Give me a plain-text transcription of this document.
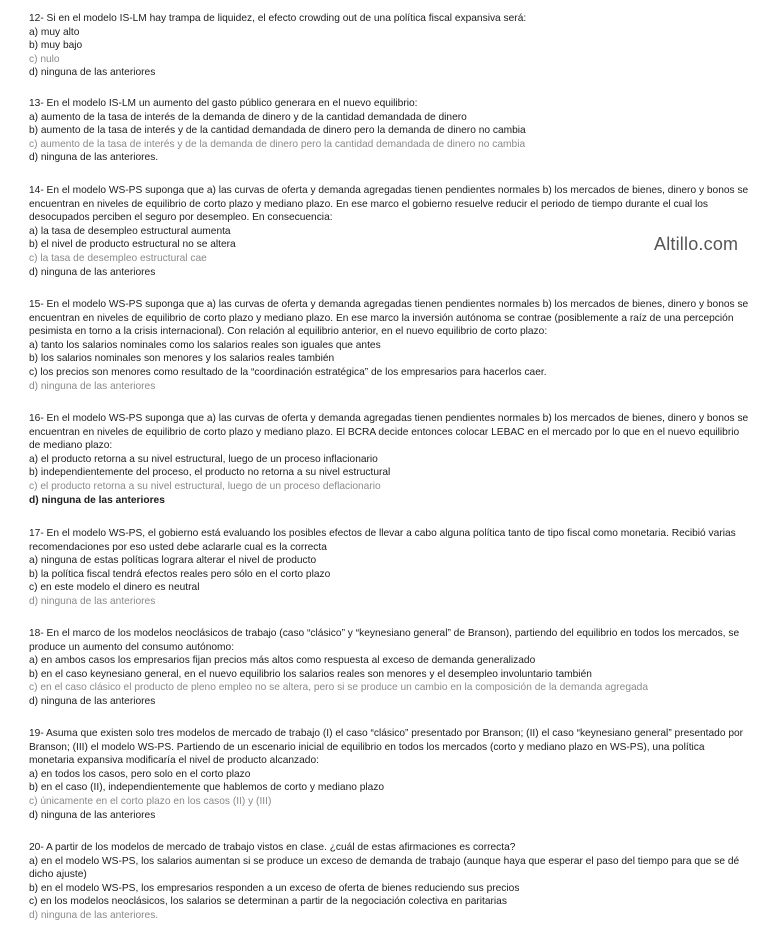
Altillo.com

12- Si en el modelo IS-LM hay trampa de liquidez, el efecto crowding out de una política fiscal expansiva será:

a) muy alto

b) muy bajo

c) nulo

d) ninguna de las anteriores

13- En el modelo IS-LM un aumento del gasto público generara en el nuevo equilibrio:

a) aumento de la tasa de interés de la demanda de dinero y de la cantidad demandada de dinero

b) aumento de la tasa de interés y de la cantidad demandada de dinero pero la demanda de dinero no cambia

c) aumento de la tasa de interés y de la demanda de dinero pero la cantidad demandada de dinero no cambia

d) ninguna de las anteriores.

14- En el modelo WS-PS suponga que a) las curvas de oferta y demanda agregadas tienen pendientes normales b) los mercados de bienes, dinero y bonos se encuentran en niveles de equilibrio de corto plazo y mediano plazo. En ese marco el gobierno resuelve reducir el periodo de tiempo durante el cual los desocupados perciben el seguro por desempleo. En consecuencia:

a) la tasa de desempleo estructural aumenta

b) el nivel de producto estructural no se altera

c) la tasa de desempleo estructural cae

d) ninguna de las anteriores

15- En el modelo WS-PS suponga que a) las curvas de oferta y demanda agregadas tienen pendientes normales b) los mercados de bienes, dinero y bonos se encuentran en niveles de equilibrio de corto plazo y mediano plazo. En ese marco la inversión autónoma se contrae (posiblemente a raíz de una percepción pesimista en torno a la crisis internacional). Con relación al equilibrio anterior, en el nuevo equilibrio de corto plazo:

a) tanto los salarios nominales como los salarios reales son iguales que antes

b) los salarios nominales son menores y los salarios reales también

c) los precios son menores como resultado de la “coordinación estratégica” de los empresarios para hacerlos caer.

d) ninguna de las anteriores

16- En el modelo WS-PS suponga que a) las curvas de oferta y demanda agregadas tienen pendientes normales b) los mercados de bienes, dinero y bonos se encuentran en niveles de equilibrio de corto plazo y mediano plazo. El BCRA decide entonces colocar LEBAC en el mercado por lo que en el nuevo equilibrio de mediano plazo:

a) el producto retorna a su nivel estructural, luego de un proceso inflacionario

b) independientemente del proceso, el producto no retorna a su nivel estructural

c) el producto retorna a su nivel estructural, luego de un proceso deflacionario

d) ninguna de las anteriores

17- En el modelo WS-PS, el gobierno está evaluando los posibles efectos de llevar a cabo alguna política tanto de tipo fiscal como monetaria. Recibió varias recomendaciones por eso usted debe aclararle cual es la correcta

a) ninguna de estas políticas lograra alterar el nivel de producto

b) la política fiscal tendrá efectos reales pero sólo en el corto plazo

c) en este modelo el dinero es neutral

d) ninguna de las anteriores

18- En el marco de los modelos neoclásicos de trabajo (caso “clásico” y “keynesiano general” de Branson), partiendo del equilibrio en todos los mercados, se produce un aumento del consumo autónomo:

a) en ambos casos los empresarios fijan precios más altos como respuesta al exceso de demanda generalizado

b) en el caso keynesiano general, en el nuevo equilibrio los salarios reales son menores y el desempleo involuntario también

c) en el caso clásico el producto de pleno empleo no se altera, pero si se produce un cambio en la composición de la demanda agregada

d) ninguna de las anteriores

19- Asuma que existen solo tres modelos de mercado de trabajo (I) el caso “clásico” presentado por Branson; (II) el caso “keynesiano general” presentado por Branson; (III) el modelo WS-PS. Partiendo de un escenario inicial de equilibrio en todos los mercados (corto y mediano plazo en WS-PS), una política monetaria expansiva modificaría el nivel de producto alcanzado:

a) en todos los casos, pero solo en el corto plazo

b) en el caso (II), independientemente que hablemos de corto y mediano plazo

c) únicamente en el corto plazo en los casos (II) y (III)

d) ninguna de las anteriores

20- A partir de los modelos de mercado de trabajo vistos en clase. ¿cuál de estas afirmaciones es correcta?

a) en el modelo WS-PS, los salarios aumentan si se produce un exceso de demanda de trabajo (aunque haya que esperar el paso del tiempo para que se dé dicho ajuste)

b) en el modelo WS-PS, los empresarios responden a un exceso de oferta de bienes reduciendo sus precios

c) en los modelos neoclásicos, los salarios se determinan a partir de la negociación colectiva en paritarias

d) ninguna de las anteriores.
